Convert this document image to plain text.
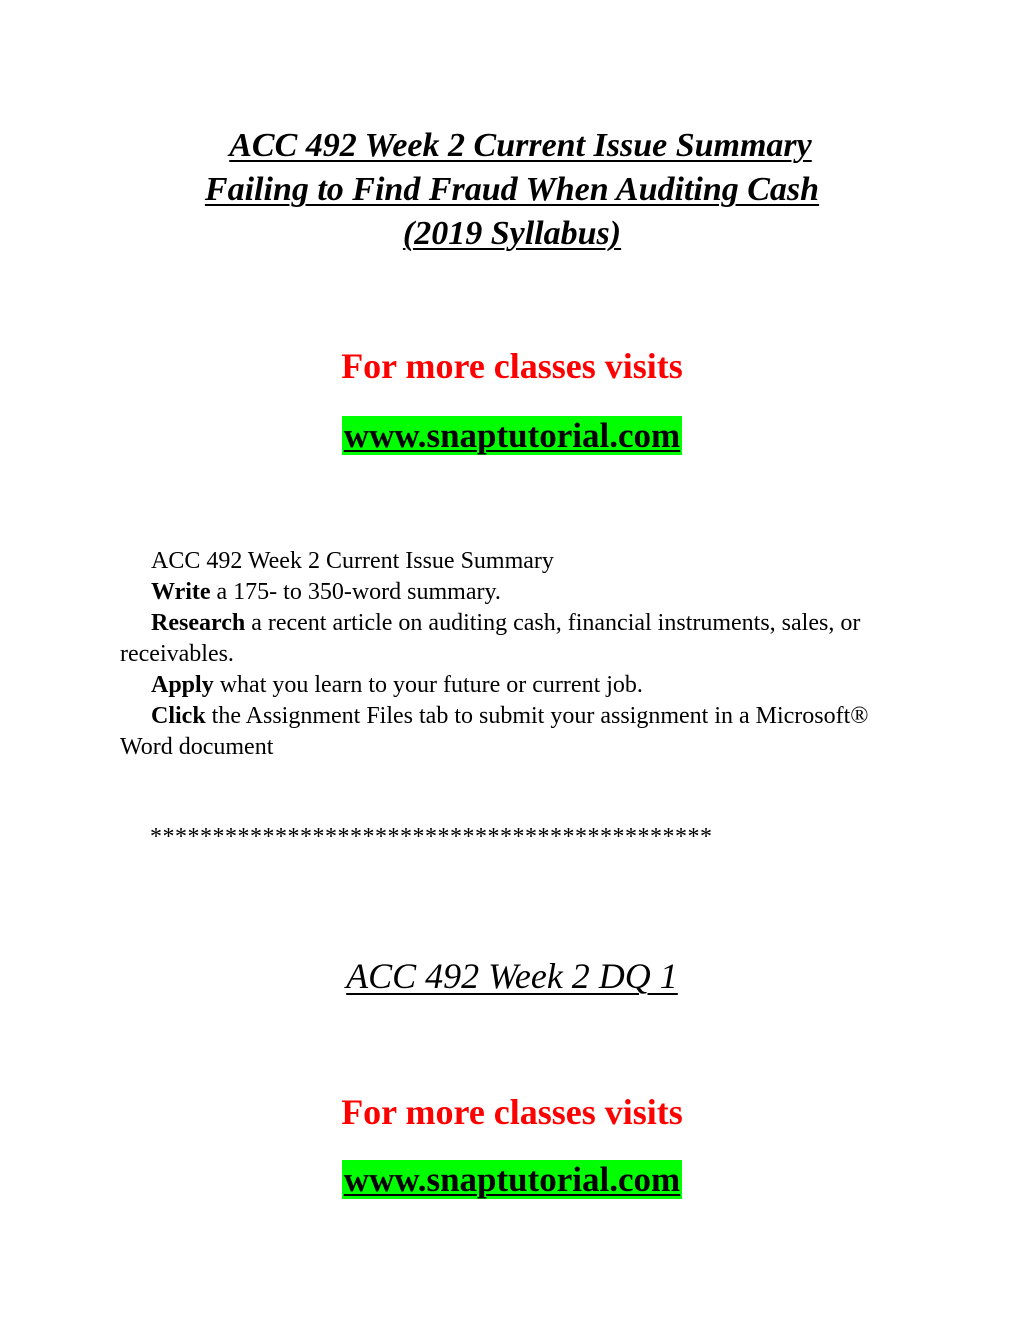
ACC 492 Week 2 Current Issue Summary
Failing to Find Fraud When Auditing Cash
(2019 Syllabus)
For more classes visits
www.snaptutorial.com

ACC 492 Week 2 Current Issue Summary

Write a 175- to 350-word summary.

Research a recent article on auditing cash, financial instruments, sales, or receivables.

Apply what you learn to your future or current job.

Click the Assignment Files tab to submit your assignment in a Microsoft® Word document

*********************************************
ACC 492 Week 2 DQ 1
For more classes visits
www.snaptutorial.com
